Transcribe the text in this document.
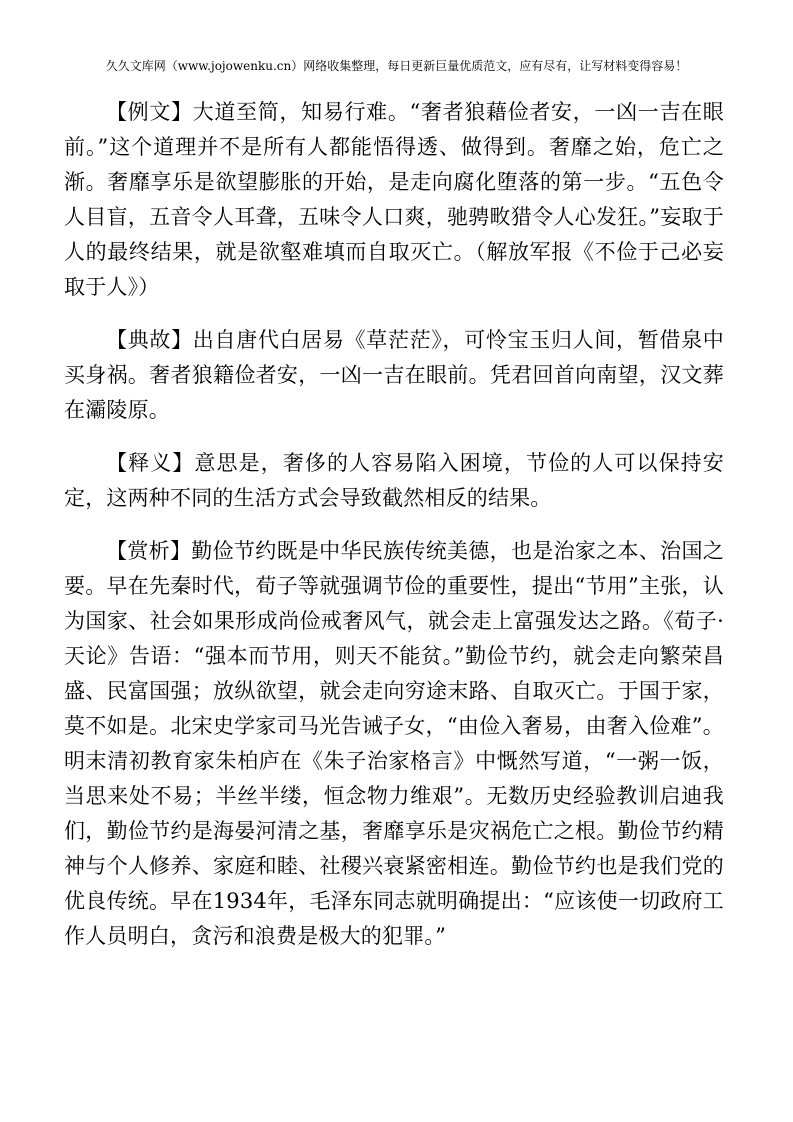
久久文库网（www.jojowenku.cn）网络收集整理，每日更新巨量优质范文，应有尽有，让写材料变得容易！

【例文】大道至简，知易行难。“奢者狼藉俭者安，一凶一吉在眼前。”这个道理并不是所有人都能悟得透、做得到。奢靡之始，危亡之渐。奢靡享乐是欲望膨胀的开始，是走向腐化堕落的第一步。“五色令人目盲，五音令人耳聋，五味令人口爽，驰骋畋猎令人心发狂。”妄取于人的最终结果，就是欲壑难填而自取灭亡。（解放军报《不俭于己必妄取于人》）

【典故】出自唐代白居易《草茫茫》，可怜宝玉归人间，暂借泉中买身祸。奢者狼籍俭者安，一凶一吉在眼前。凭君回首向南望，汉文葬在灞陵原。

【释义】意思是，奢侈的人容易陷入困境，节俭的人可以保持安定，这两种不同的生活方式会导致截然相反的结果。

【赏析】勤俭节约既是中华民族传统美德，也是治家之本、治国之要。早在先秦时代，荀子等就强调节俭的重要性，提出“节用”主张，认为国家、社会如果形成尚俭戒奢风气，就会走上富强发达之路。《荀子·天论》告语：“强本而节用，则天不能贫。”勤俭节约，就会走向繁荣昌盛、民富国强；放纵欲望，就会走向穷途末路、自取灭亡。于国于家，莫不如是。北宋史学家司马光告诫子女，“由俭入奢易，由奢入俭难”。明末清初教育家朱柏庐在《朱子治家格言》中慨然写道，“一粥一饭，当思来处不易；半丝半缕，恒念物力维艰”。无数历史经验教训启迪我们，勤俭节约是海晏河清之基，奢靡享乐是灾祸危亡之根。勤俭节约精神与个人修养、家庭和睦、社稷兴衰紧密相连。勤俭节约也是我们党的优良传统。早在1934年，毛泽东同志就明确提出：“应该使一切政府工作人员明白，贪污和浪费是极大的犯罪。”
